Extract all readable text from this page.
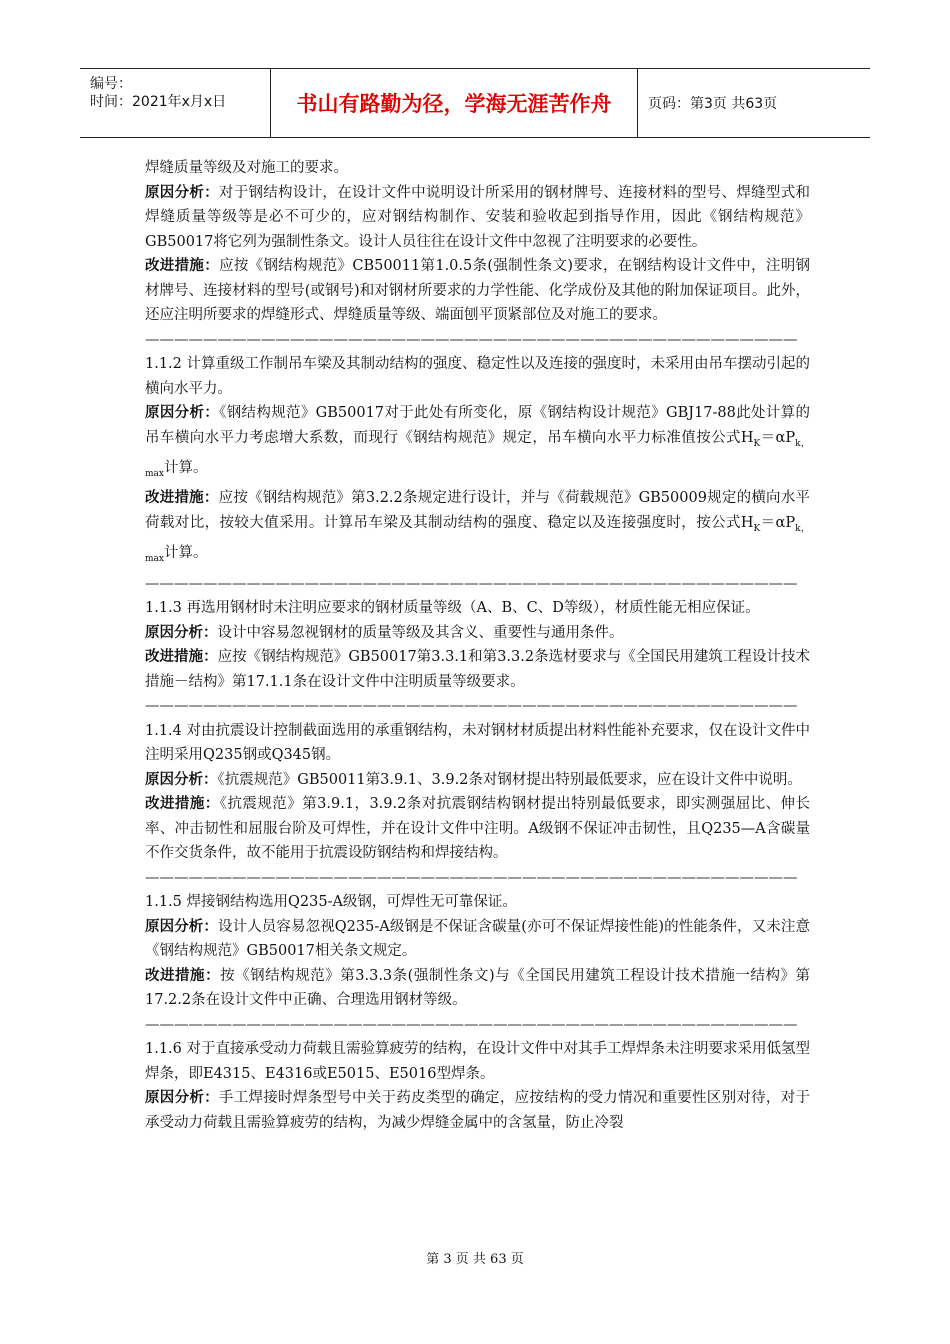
编号：
时间：2021年x月x日	书山有路勤为径，学海无涯苦作舟	页码：第3页 共63页

焊缝质量等级及对施工的要求。

原因分析：对于钢结构设计，在设计文件中说明设计所采用的钢材牌号、连接材料的型号、焊缝型式和焊缝质量等级等是必不可少的，应对钢结构制作、安装和验收起到指导作用，因此《钢结构规范》GB50017将它列为强制性条文。设计人员往往在设计文件中忽视了注明要求的必要性。

改进措施：应按《钢结构规范》CB50011第1.0.5条(强制性条文)要求，在钢结构设计文件中，注明钢材牌号、连接材料的型号(或钢号)和对钢材所要求的力学性能、化学成份及其他的附加保证项目。此外，还应注明所要求的焊缝形式、焊缝质量等级、端面刨平顶紧部位及对施工的要求。

—————————————————————————————————————————————

1.1.2 计算重级工作制吊车梁及其制动结构的强度、稳定性以及连接的强度时，未采用由吊车摆动引起的横向水平力。

原因分析：《钢结构规范》GB50017对于此处有所变化，原《钢结构设计规范》GBJ17-88此处计算的吊车横向水平力考虑增大系数，而现行《钢结构规范》规定，吊车横向水平力标准值按公式$H_K=\alpha P_{k,max}$计算。

改进措施：应按《钢结构规范》第3.2.2条规定进行设计，并与《荷载规范》GB50009规定的横向水平荷载对比，按较大值采用。计算吊车梁及其制动结构的强度、稳定以及连接强度时，按公式$H_K=\alpha P_{k,max}$计算。

—————————————————————————————————————————————

1.1.3 再选用钢材时未注明应要求的钢材质量等级（A、B、C、D等级），材质性能无相应保证。

原因分析：设计中容易忽视钢材的质量等级及其含义、重要性与通用条件。

改进措施：应按《钢结构规范》GB50017第3.3.1和第3.3.2条选材要求与《全国民用建筑工程设计技术措施－结构》第17.1.1条在设计文件中注明质量等级要求。

—————————————————————————————————————————————

1.1.4 对由抗震设计控制截面选用的承重钢结构，未对钢材材质提出材料性能补充要求，仅在设计文件中注明采用Q235钢或Q345钢。

原因分析：《抗震规范》GB50011第3.9.1、3.9.2条对钢材提出特别最低要求，应在设计文件中说明。

改进措施：《抗震规范》第3.9.1，3.9.2条对抗震钢结构钢材提出特别最低要求，即实测强屈比、伸长率、冲击韧性和屈服台阶及可焊性，并在设计文件中注明。A级钢不保证冲击韧性，且Q235—A含碳量不作交货条件，故不能用于抗震设防钢结构和焊接结构。

—————————————————————————————————————————————

1.1.5 焊接钢结构选用Q235-A级钢，可焊性无可靠保证。

原因分析：设计人员容易忽视Q235-A级钢是不保证含碳量(亦可不保证焊接性能)的性能条件，又未注意《钢结构规范》GB50017相关条文规定。

改进措施：按《钢结构规范》第3.3.3条(强制性条文)与《全国民用建筑工程设计技术措施一结构》第17.2.2条在设计文件中正确、合理选用钢材等级。

—————————————————————————————————————————————

1.1.6 对于直接承受动力荷载且需验算疲劳的结构，在设计文件中对其手工焊焊条未注明要求采用低氢型焊条，即E4315、E4316或E5015、E5016型焊条。

原因分析：手工焊接时焊条型号中关于药皮类型的确定，应按结构的受力情况和重要性区别对待，对于承受动力荷载且需验算疲劳的结构，为减少焊缝金属中的含氢量，防止冷裂

第 3 页 共 63 页
